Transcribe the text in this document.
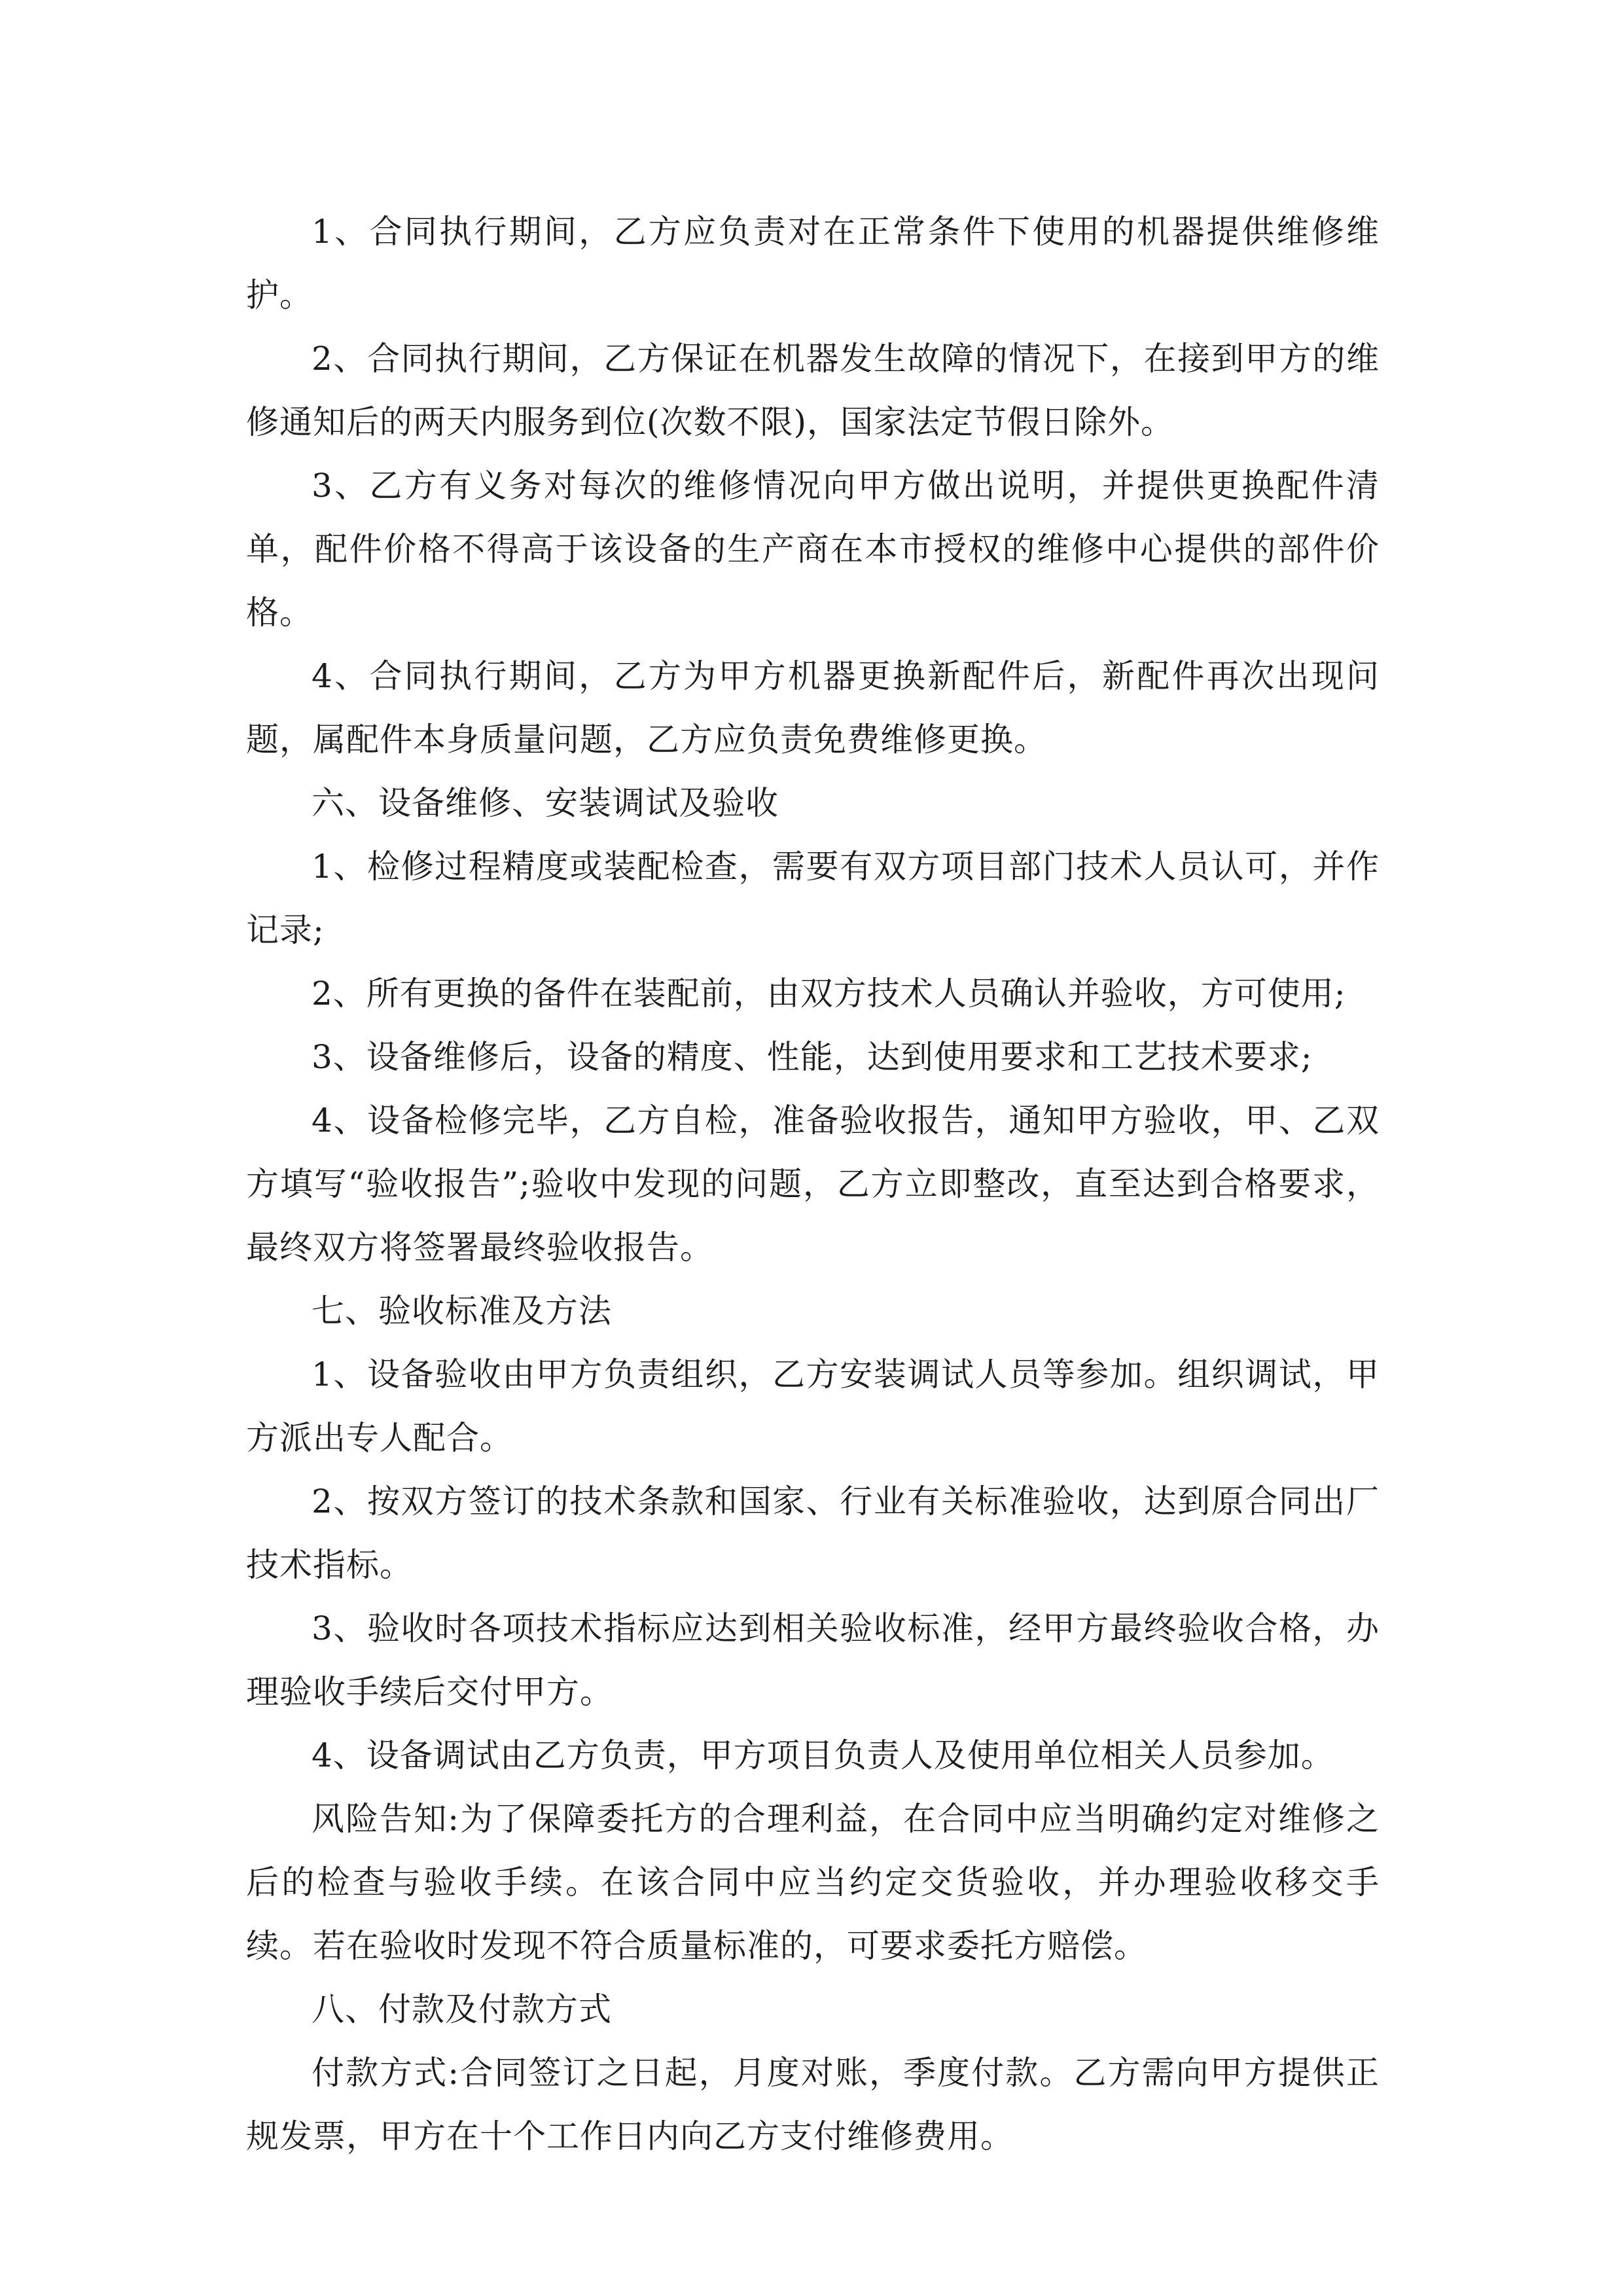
1、合同执行期间，乙方应负责对在正常条件下使用的机器提供维修维护。

2、合同执行期间，乙方保证在机器发生故障的情况下，在接到甲方的维修通知后的两天内服务到位(次数不限)，国家法定节假日除外。

3、乙方有义务对每次的维修情况向甲方做出说明，并提供更换配件清单，配件价格不得高于该设备的生产商在本市授权的维修中心提供的部件价格。

4、合同执行期间，乙方为甲方机器更换新配件后，新配件再次出现问题，属配件本身质量问题，乙方应负责免费维修更换。

六、设备维修、安装调试及验收

1、检修过程精度或装配检查，需要有双方项目部门技术人员认可，并作记录;

2、所有更换的备件在装配前，由双方技术人员确认并验收，方可使用;

3、设备维修后，设备的精度、性能，达到使用要求和工艺技术要求;

4、设备检修完毕，乙方自检，准备验收报告，通知甲方验收，甲、乙双方填写“验收报告”;验收中发现的问题，乙方立即整改，直至达到合格要求，最终双方将签署最终验收报告。

七、验收标准及方法

1、设备验收由甲方负责组织，乙方安装调试人员等参加。组织调试，甲方派出专人配合。

2、按双方签订的技术条款和国家、行业有关标准验收，达到原合同出厂技术指标。

3、验收时各项技术指标应达到相关验收标准，经甲方最终验收合格，办理验收手续后交付甲方。

4、设备调试由乙方负责，甲方项目负责人及使用单位相关人员参加。

风险告知:为了保障委托方的合理利益，在合同中应当明确约定对维修之后的检查与验收手续。在该合同中应当约定交货验收，并办理验收移交手续。若在验收时发现不符合质量标准的，可要求委托方赔偿。

八、付款及付款方式

付款方式:合同签订之日起，月度对账，季度付款。乙方需向甲方提供正规发票，甲方在十个工作日内向乙方支付维修费用。
